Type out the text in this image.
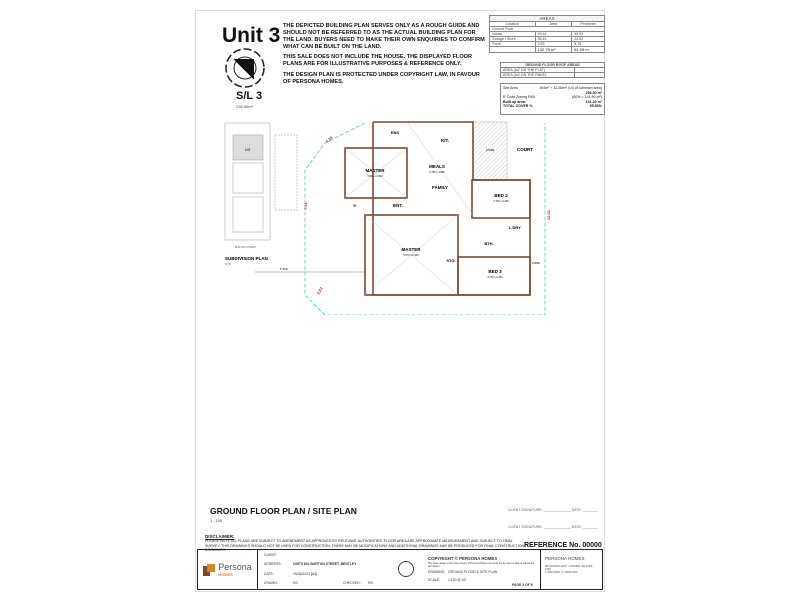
Unit 3
S/L 3
236.50m²

THE DEPICTED BUILDING PLAN SERVES ONLY AS A ROUGH GUIDE AND SHOULD NOT BE REFERRED TO AS THE ACTUAL BUILDING PLAN FOR THE LAND. BUYERS NEED TO MAKE THEIR OWN ENQUIRIES TO CONFIRM WHAT CAN BE BUILT ON THE LAND.

THIS SALE DOES NOT INCLUDE THE HOUSE. THE DISPLAYED FLOOR PLANS ARE FOR ILLUSTRATIVE PURPOSES & REFERENCE ONLY.

THE DESIGN PLAN IS PROTECTED UNDER COPYRIGHT LAW, IN FAVOUR OF PERSONA HOMES.

AREAS		
Location	Area	Perimeter
Ground Floor		
House	93.62	55.93
Garage / Store	35.44	24.52
Porch	3.83	8.78
	132.78 m²	61.09 m
GROUND FLOOR ROOF AREAS	
AREA (m2 ON THE FLAT)	
AREA (m2 ON THE RAKE)	
Site Area	194m² + 42.50m² (1/4 of common area)
236.50 m²
R Code Zoning R60	(60% = 141.90 m²)
Built up area:	131.20 m²
TOTAL COVER %	55.50%
U3
BURTON STREET
SUBDIVISION PLAN
NTS
MASTER
3.690 x 4.510
ENS
KIT.
MEALS
6.780 x 4.890
FAMILY
ENT.
P.
MASTER
5.670 x 6.420
STO.
BED 2
2.730 x 2.460
BED 3
4.770 x 2.400
BTH.
L'DRY
COURT
STORE
4.36
7.31
7.710
2.83
12.31
1.000
GROUND FLOOR PLAN / SITE PLAN
1 : 100
CLIENT SIGNATURE: ______________ DATE: ________
CLIENT SIGNATURE: ______________ DATE: ________
DISCLAIMER:
PLEASE NOTE ALL PLANS ARE SUBJECT TO AMENDMENT AS APPROVED BY RELEVANT AUTHORITIES. FLOOR AREA ARE APPROXIMATE MEASUREMENT AND SUBJECT TO FINAL SURVEY. THIS DRAWINGS SHOULD NOT BE USED FOR CONSTRUCTION. THERE MAY BE MODIFICATIONS AND ADDITIONAL DRAWINGS MAY BE PRODUCED FOR FINAL CONSTRUCTION DRAWINGS.
REFERENCE No. 00000
Persona
HOMES
CLIENT:
ADDRESS:	UNIT3 601 BURTON STREET, BENTLEY
DATE:	15/06/2021 [A3]
DRAWN:	KG	CHECKED: RG
COPYRIGHT © PERSONA HOMES
The these design is the sole property of Persona Homes and must not be used or altered without the permission.
DRAWING: GROUND FLOOR & SITE PLAN
SCALE: 1:100 @ A3
PAGE 2 OF 6
PERSONA HOMES
98 CANNING HWY, CANNING VALE WA 6155
T: 0000 0000 | F: 0000 0000
